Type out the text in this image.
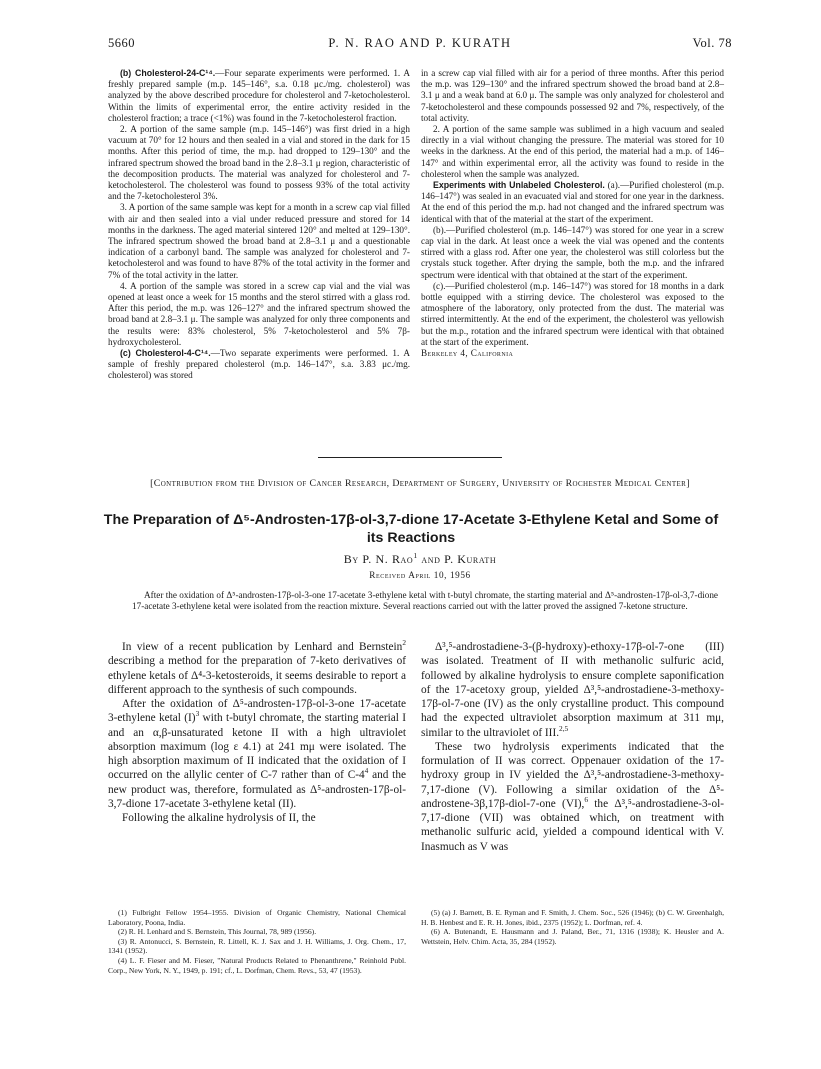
5660	P. N. RAO AND P. KURATH	Vol. 78

(b) Cholesterol-24-C¹⁴.—Four separate experiments were performed. 1. A freshly prepared sample (m.p. 145–146°, s.a. 0.18 μc./mg. cholesterol) was analyzed by the above described procedure for cholesterol and 7-ketocholesterol. Within the limits of experimental error, the entire activity resided in the cholesterol fraction; a trace (<1%) was found in the 7-ketocholesterol fraction.

2. A portion of the same sample (m.p. 145–146°) was first dried in a high vacuum at 70° for 12 hours and then sealed in a vial and stored in the dark for 15 months. After this period of time, the m.p. had dropped to 129–130° and the infrared spectrum showed the broad band in the 2.8–3.1 μ region, characteristic of the decomposition products. The material was analyzed for cholesterol and 7-ketocholesterol. The cholesterol was found to possess 93% of the total activity and the 7-ketocholesterol 3%.

3. A portion of the same sample was kept for a month in a screw cap vial filled with air and then sealed into a vial under reduced pressure and stored for 14 months in the darkness. The aged material sintered 120° and melted at 129–130°. The infrared spectrum showed the broad band at 2.8–3.1 μ and a questionable indication of a carbonyl band. The sample was analyzed for cholesterol and 7-ketocholesterol and was found to have 87% of the total activity in the former and 7% of the total activity in the latter.

4. A portion of the sample was stored in a screw cap vial and the vial was opened at least once a week for 15 months and the sterol stirred with a glass rod. After this period, the m.p. was 126–127° and the infrared spectrum showed the broad band at 2.8–3.1 μ. The sample was analyzed for only three components and the results were: 83% cholesterol, 5% 7-ketocholesterol and 5% 7β-hydroxycholesterol.

(c) Cholesterol-4-C¹⁴.—Two separate experiments were performed. 1. A sample of freshly prepared cholesterol (m.p. 146–147°, s.a. 3.83 μc./mg. cholesterol) was stored

in a screw cap vial filled with air for a period of three months. After this period the m.p. was 129–130° and the infrared spectrum showed the broad band at 2.8–3.1 μ and a weak band at 6.0 μ. The sample was only analyzed for cholesterol and 7-ketocholesterol and these compounds possessed 92 and 7%, respectively, of the total activity.

2. A portion of the same sample was sublimed in a high vacuum and sealed directly in a vial without changing the pressure. The material was stored for 10 weeks in the darkness. At the end of this period, the material had a m.p. of 146–147° and within experimental error, all the activity was found to reside in the cholesterol when the sample was analyzed.

Experiments with Unlabeled Cholesterol. (a).—Purified cholesterol (m.p. 146–147°) was sealed in an evacuated vial and stored for one year in the darkness. At the end of this period the m.p. had not changed and the infrared spectrum was identical with that of the material at the start of the experiment.

(b).—Purified cholesterol (m.p. 146–147°) was stored for one year in a screw cap vial in the dark. At least once a week the vial was opened and the contents stirred with a glass rod. After one year, the cholesterol was still colorless but the crystals stuck together. After drying the sample, both the m.p. and the infrared spectrum were identical with that obtained at the start of the experiment.

(c).—Purified cholesterol (m.p. 146–147°) was stored for 18 months in a dark bottle equipped with a stirring device. The cholesterol was exposed to the atmosphere of the laboratory, only protected from the dust. The material was stirred intermittently. At the end of the experiment, the cholesterol was yellowish but the m.p., rotation and the infrared spectrum were identical with that obtained at the start of the experiment.

Berkeley 4, California

[Contribution from the Division of Cancer Research, Department of Surgery, University of Rochester Medical Center]
The Preparation of Δ⁵-Androsten-17β-ol-3,7-dione 17-Acetate 3-Ethylene Ketal and Some of its Reactions
By P. N. Rao$^1$ and P. Kurath
Received April 10, 1956
After the oxidation of Δ⁵-androsten-17β-ol-3-one 17-acetate 3-ethylene ketal with t-butyl chromate, the starting material and Δ⁵-androsten-17β-ol-3,7-dione 17-acetate 3-ethylene ketal were isolated from the reaction mixture. Several reactions carried out with the latter proved the assigned 7-ketone structure.

In view of a recent publication by Lenhard and Bernstein$^2$ describing a method for the preparation of 7-keto derivatives of ethylene ketals of Δ⁴-3-ketosteroids, it seems desirable to report a different approach to the synthesis of such compounds.

After the oxidation of Δ⁵-androsten-17β-ol-3-one 17-acetate 3-ethylene ketal $(I)^3$ with t-butyl chromate, the starting material I and an α,β-unsaturated ketone II with a high ultraviolet absorption maximum (log ε 4.1) at 241 mμ were isolated. The high absorption maximum of II indicated that the oxidation of I occurred on the allylic center of C-7 rather than of $C-4^4$ and the new product was, therefore, formulated as Δ⁵-androsten-17β-ol-3,7-dione 17-acetate 3-ethylene ketal (II).

Following the alkaline hydrolysis of II, the

Δ³,⁵-androstadiene-3-(β-hydroxy)-ethoxy-17β-ol-7-one (III) was isolated. Treatment of II with methanolic sulfuric acid, followed by alkaline hydrolysis to ensure complete saponification of the 17-acetoxy group, yielded Δ³,⁵-androstadiene-3-methoxy-17β-ol-7-one (IV) as the only crystalline product. This compound had the expected ultraviolet absorption maximum at 311 mμ, similar to the ultraviolet of III.$^{2,5}$

These two hydrolysis experiments indicated that the formulation of II was correct. Oppenauer oxidation of the 17-hydroxy group in IV yielded the Δ³,⁵-androstadiene-3-methoxy-7,17-dione (V). Following a similar oxidation of the Δ⁵-androstene-3β,17β-diol-7-one (VI),$^6$ the Δ³,⁵-androstadiene-3-ol-7,17-dione (VII) was obtained which, on treatment with methanolic sulfuric acid, yielded a compound identical with V. Inasmuch as V was

(1) Fulbright Fellow 1954–1955. Division of Organic Chemistry, National Chemical Laboratory, Poona, India.

(2) R. H. Lenhard and S. Bernstein, This Journal, 78, 989 (1956).

(3) R. Antonucci, S. Bernstein, R. Littell, K. J. Sax and J. H. Williams, J. Org. Chem., 17, 1341 (1952).

(4) L. F. Fieser and M. Fieser, "Natural Products Related to Phenanthrene," Reinhold Publ. Corp., New York, N. Y., 1949, p. 191; cf., L. Dorfman, Chem. Revs., 53, 47 (1953).

(5) (a) J. Barnett, B. E. Ryman and F. Smith, J. Chem. Soc., 526 (1946); (b) C. W. Greenhalgh, H. B. Henbest and E. R. H. Jones, ibid., 2375 (1952); L. Dorfman, ref. 4.

(6) A. Butenandt, E. Hausmann and J. Paland, Ber., 71, 1316 (1938); K. Heusler and A. Wettstein, Helv. Chim. Acta, 35, 284 (1952).
